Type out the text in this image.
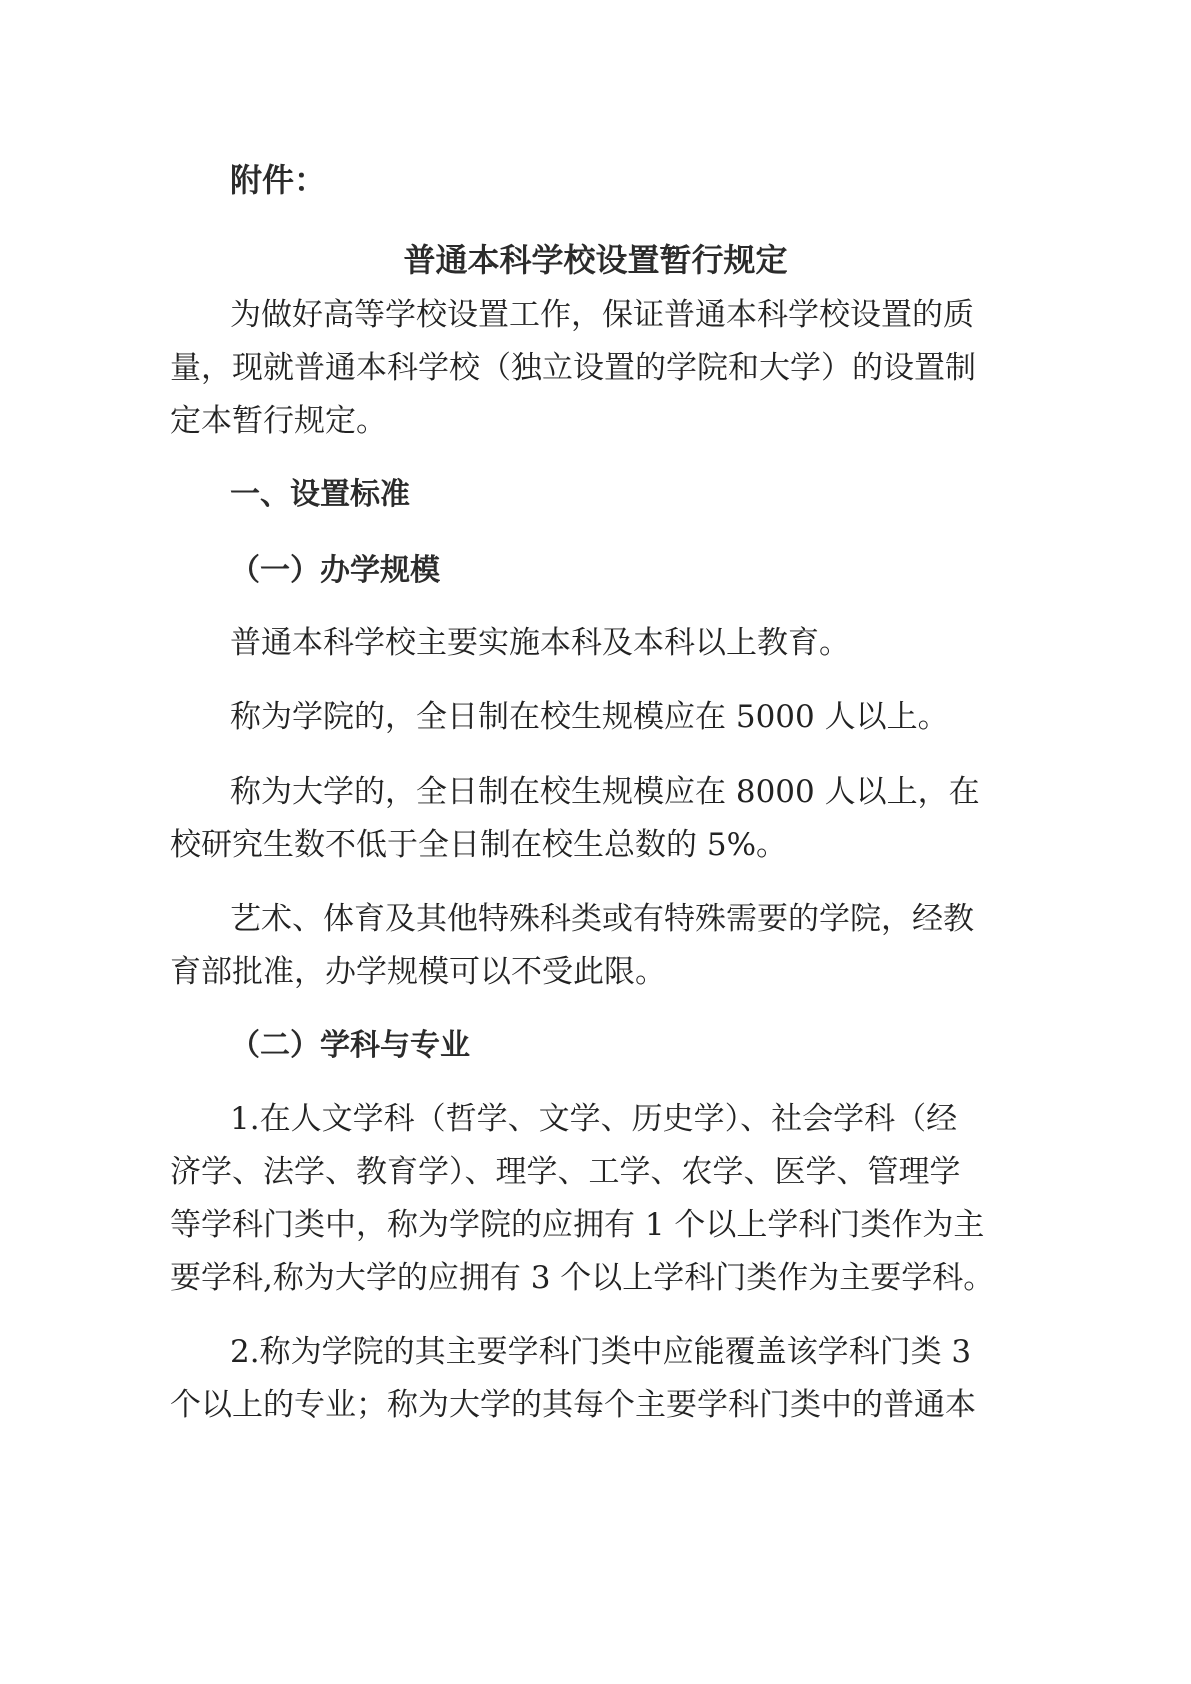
附件：
普通本科学校设置暂行规定
为做好高等学校设置工作，保证普通本科学校设置的质
量，现就普通本科学校（独立设置的学院和大学）的设置制
定本暂行规定。
一、设置标准
（一）办学规模
普通本科学校主要实施本科及本科以上教育。
称为学院的，全日制在校生规模应在 5000 人以上。
称为大学的，全日制在校生规模应在 8000 人以上，在
校研究生数不低于全日制在校生总数的 5%。
艺术、体育及其他特殊科类或有特殊需要的学院，经教
育部批准，办学规模可以不受此限。
（二）学科与专业
1.在人文学科（哲学、文学、历史学）、社会学科（经
济学、法学、教育学）、理学、工学、农学、医学、管理学
等学科门类中，称为学院的应拥有 1 个以上学科门类作为主
要学科,称为大学的应拥有 3 个以上学科门类作为主要学科。
2.称为学院的其主要学科门类中应能覆盖该学科门类 3
个以上的专业；称为大学的其每个主要学科门类中的普通本
